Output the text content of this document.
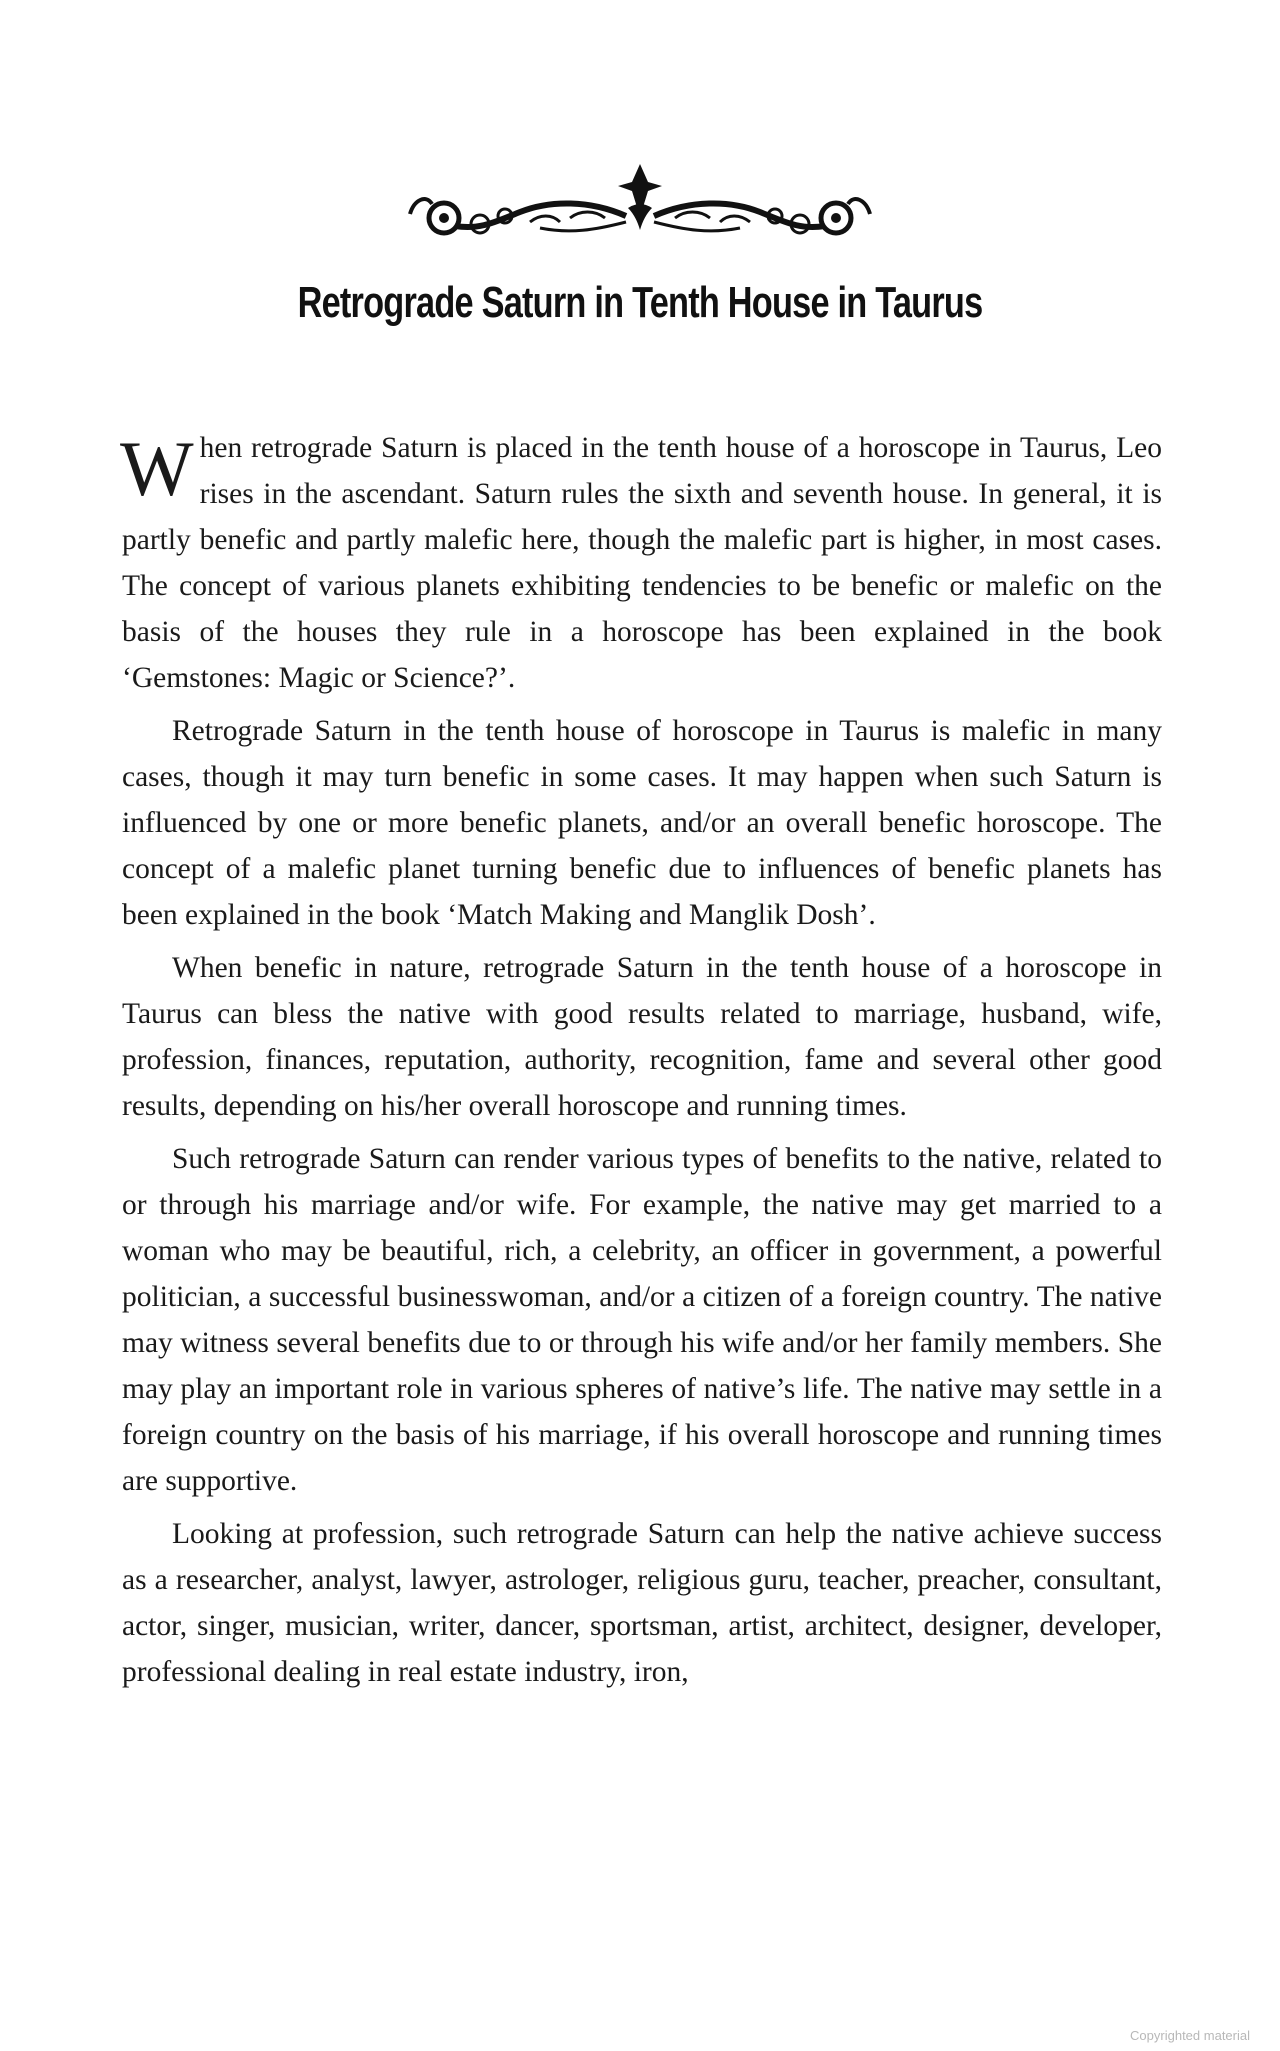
Retrograde Saturn in Tenth House in Taurus

When retrograde Saturn is placed in the tenth house of a horoscope in Taurus, Leo rises in the ascendant. Saturn rules the sixth and seventh house. In general, it is partly benefic and partly malefic here, though the malefic part is higher, in most cases. The concept of various planets exhibiting tendencies to be benefic or malefic on the basis of the houses they rule in a horoscope has been explained in the book ‘Gemstones: Magic or Science?’.

Retrograde Saturn in the tenth house of horoscope in Taurus is malefic in many cases, though it may turn benefic in some cases. It may happen when such Saturn is influenced by one or more benefic planets, and/or an overall benefic horoscope. The concept of a malefic planet turning benefic due to influences of benefic planets has been explained in the book ‘Match Making and Manglik Dosh’.

When benefic in nature, retrograde Saturn in the tenth house of a horoscope in Taurus can bless the native with good results related to marriage, husband, wife, profession, finances, reputation, authority, recognition, fame and several other good results, depending on his/her overall horoscope and running times.

Such retrograde Saturn can render various types of benefits to the native, related to or through his marriage and/or wife. For example, the native may get married to a woman who may be beautiful, rich, a celebrity, an officer in government, a powerful politician, a successful businesswoman, and/or a citizen of a foreign country. The native may witness several benefits due to or through his wife and/or her family members. She may play an important role in various spheres of native’s life. The native may settle in a foreign country on the basis of his marriage, if his overall horoscope and running times are supportive.

Looking at profession, such retrograde Saturn can help the native achieve success as a researcher, analyst, lawyer, astrologer, religious guru, teacher, preacher, consultant, actor, singer, musician, writer, dancer, sportsman, artist, architect, designer, developer, professional dealing in real estate industry, iron,

Copyrighted material
